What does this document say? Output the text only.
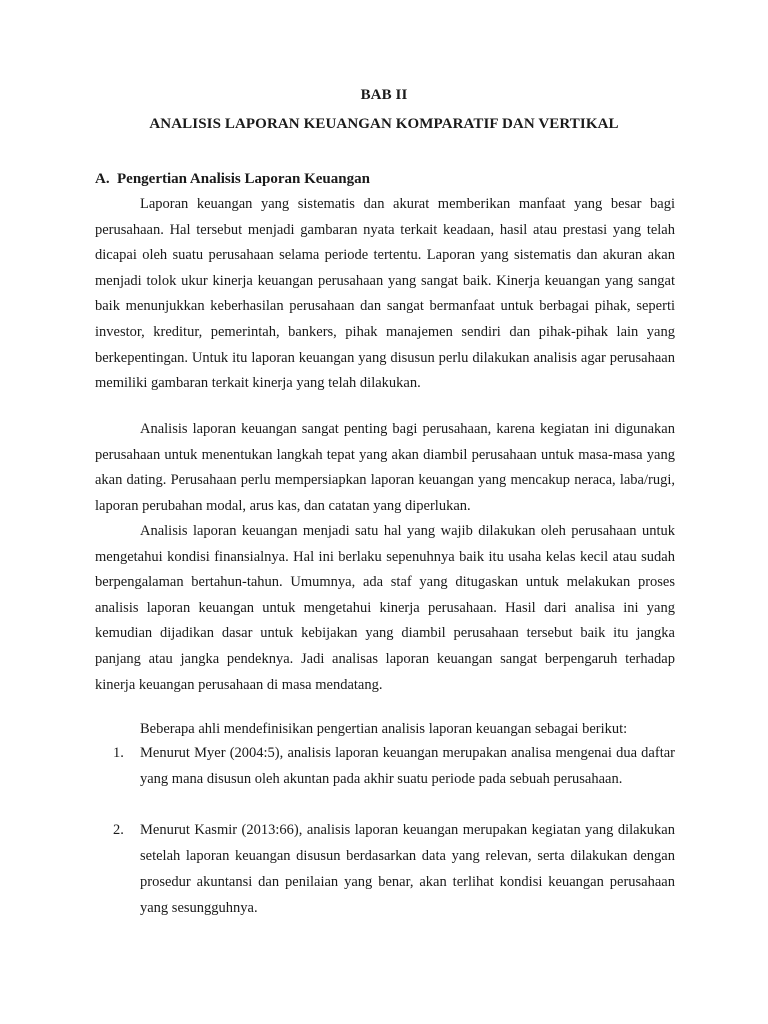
BAB II
ANALISIS LAPORAN KEUANGAN KOMPARATIF DAN VERTIKAL
A. Pengertian Analisis Laporan Keuangan

Laporan keuangan yang sistematis dan akurat memberikan manfaat yang besar bagi perusahaan. Hal tersebut menjadi gambaran nyata terkait keadaan, hasil atau prestasi yang telah dicapai oleh suatu perusahaan selama periode tertentu. Laporan yang sistematis dan akuran akan menjadi tolok ukur kinerja keuangan perusahaan yang sangat baik. Kinerja keuangan yang sangat baik menunjukkan keberhasilan perusahaan dan sangat bermanfaat untuk berbagai pihak, seperti investor, kreditur, pemerintah, bankers, pihak manajemen sendiri dan pihak-pihak lain yang berkepentingan. Untuk itu laporan keuangan yang disusun perlu dilakukan analisis agar perusahaan memiliki gambaran terkait kinerja yang telah dilakukan.

Analisis laporan keuangan sangat penting bagi perusahaan, karena kegiatan ini digunakan perusahaan untuk menentukan langkah tepat yang akan diambil perusahaan untuk masa-masa yang akan dating. Perusahaan perlu mempersiapkan laporan keuangan yang mencakup neraca, laba/rugi, laporan perubahan modal, arus kas, dan catatan yang diperlukan.

Analisis laporan keuangan menjadi satu hal yang wajib dilakukan oleh perusahaan untuk mengetahui kondisi finansialnya. Hal ini berlaku sepenuhnya baik itu usaha kelas kecil atau sudah berpengalaman bertahun-tahun. Umumnya, ada staf yang ditugaskan untuk melakukan proses analisis laporan keuangan untuk mengetahui kinerja perusahaan. Hasil dari analisa ini yang kemudian dijadikan dasar untuk kebijakan yang diambil perusahaan tersebut baik itu jangka panjang atau jangka pendeknya. Jadi analisas laporan keuangan sangat berpengaruh terhadap kinerja keuangan perusahaan di masa mendatang.

Beberapa ahli mendefinisikan pengertian analisis laporan keuangan sebagai berikut:

1. Menurut Myer (2004:5), analisis laporan keuangan merupakan analisa mengenai dua daftar yang mana disusun oleh akuntan pada akhir suatu periode pada sebuah perusahaan.
2. Menurut Kasmir (2013:66), analisis laporan keuangan merupakan kegiatan yang dilakukan setelah laporan keuangan disusun berdasarkan data yang relevan, serta dilakukan dengan prosedur akuntansi dan penilaian yang benar, akan terlihat kondisi keuangan perusahaan yang sesungguhnya.
